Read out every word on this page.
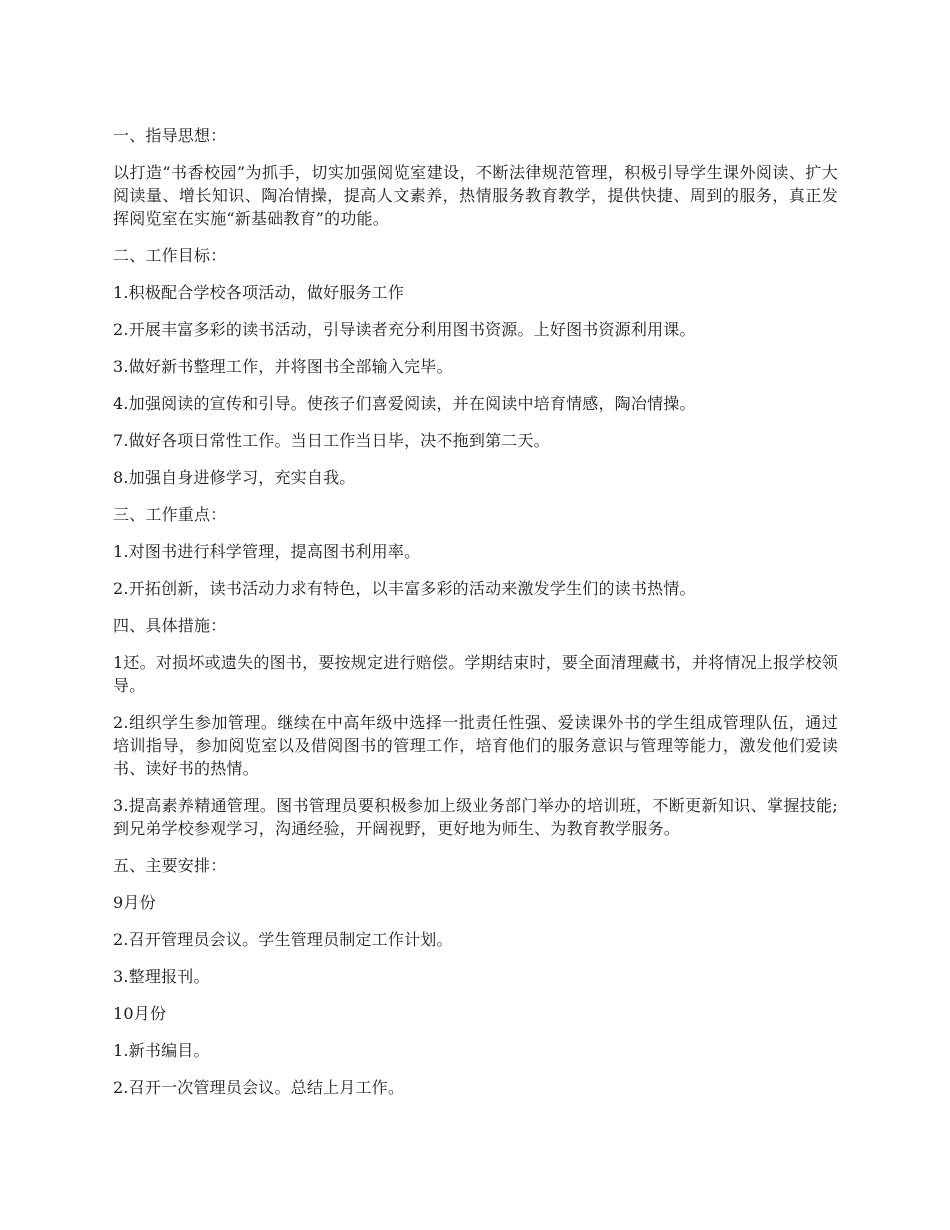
一、指导思想：

以打造“书香校园”为抓手，切实加强阅览室建设，不断法律规范管理，积极引导学生课外阅读、扩大阅读量、增长知识、陶冶情操，提高人文素养，热情服务教育教学，提供快捷、周到的服务，真正发挥阅览室在实施“新基础教育”的功能。

二、工作目标：

1.积极配合学校各项活动，做好服务工作

2.开展丰富多彩的读书活动，引导读者充分利用图书资源。上好图书资源利用课。

3.做好新书整理工作，并将图书全部输入完毕。

4.加强阅读的宣传和引导。使孩子们喜爱阅读，并在阅读中培育情感，陶冶情操。

7.做好各项日常性工作。当日工作当日毕，决不拖到第二天。

8.加强自身进修学习，充实自我。

三、工作重点：

1.对图书进行科学管理，提高图书利用率。

2.开拓创新，读书活动力求有特色，以丰富多彩的活动来激发学生们的读书热情。

四、具体措施：

1还。对损坏或遗失的图书，要按规定进行赔偿。学期结束时，要全面清理藏书，并将情况上报学校领导。

2.组织学生参加管理。继续在中高年级中选择一批责任性强、爱读课外书的学生组成管理队伍，通过培训指导，参加阅览室以及借阅图书的管理工作，培育他们的服务意识与管理等能力，激发他们爱读书、读好书的热情。

3.提高素养精通管理。图书管理员要积极参加上级业务部门举办的培训班，不断更新知识、掌握技能;到兄弟学校参观学习，沟通经验，开阔视野，更好地为师生、为教育教学服务。

五、主要安排：

9月份

2.召开管理员会议。学生管理员制定工作计划。

3.整理报刊。

10月份

1.新书编目。

2.召开一次管理员会议。总结上月工作。
